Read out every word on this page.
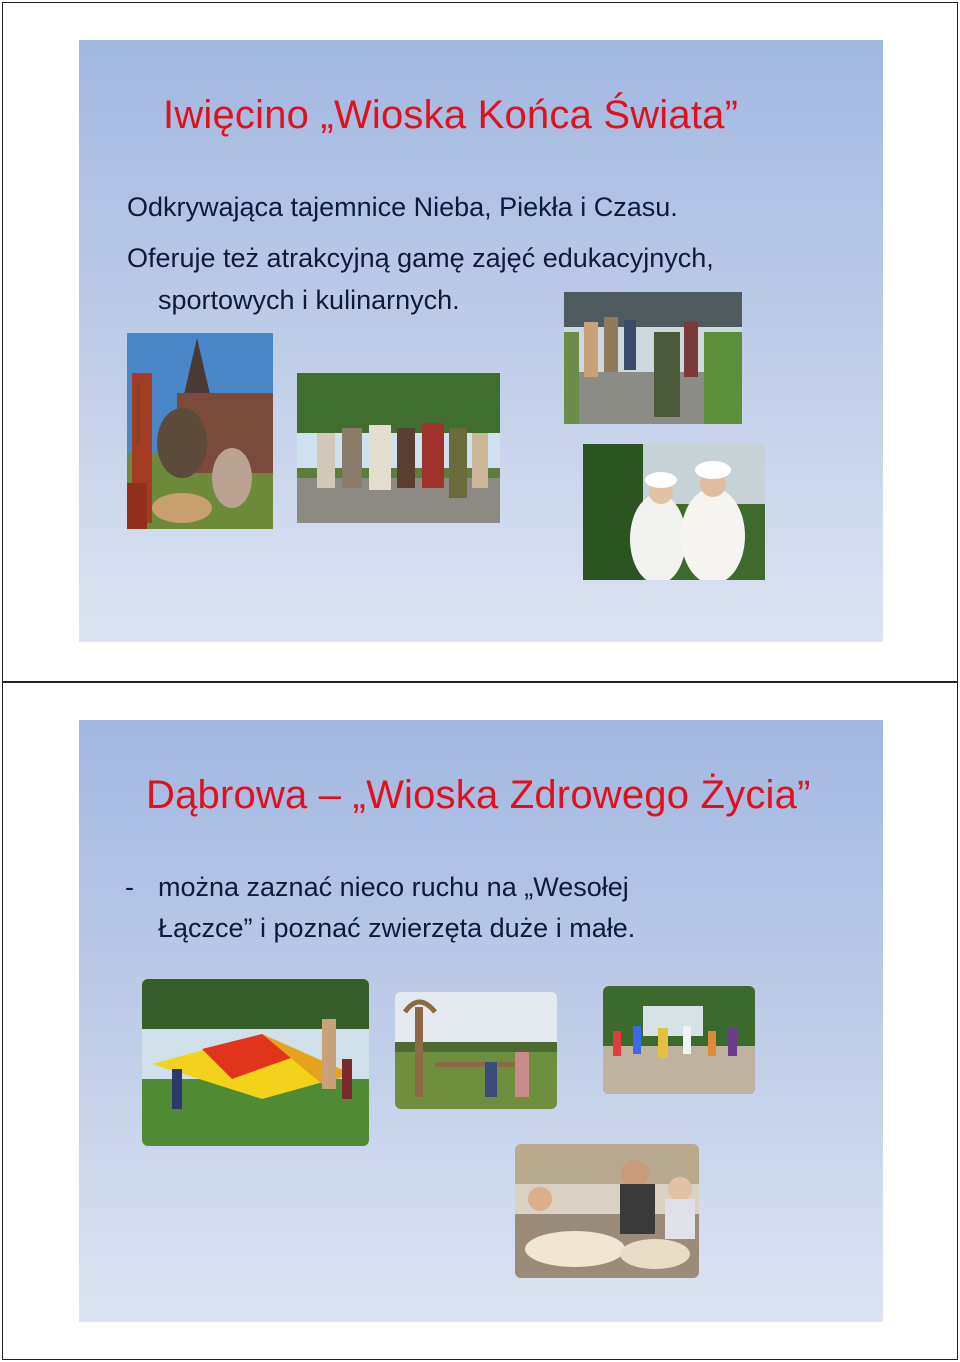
Iwięcino „Wioska Końca Świata”
Odkrywająca tajemnice Nieba, Piekła i Czasu.
Oferuje też atrakcyjną gamę zajęć edukacyjnych,
sportowych i kulinarnych.
Dąbrowa – „Wioska Zdrowego Życia”
- można zaznać nieco ruchu na „Wesołej
Łączce” i poznać zwierzęta duże i małe.
